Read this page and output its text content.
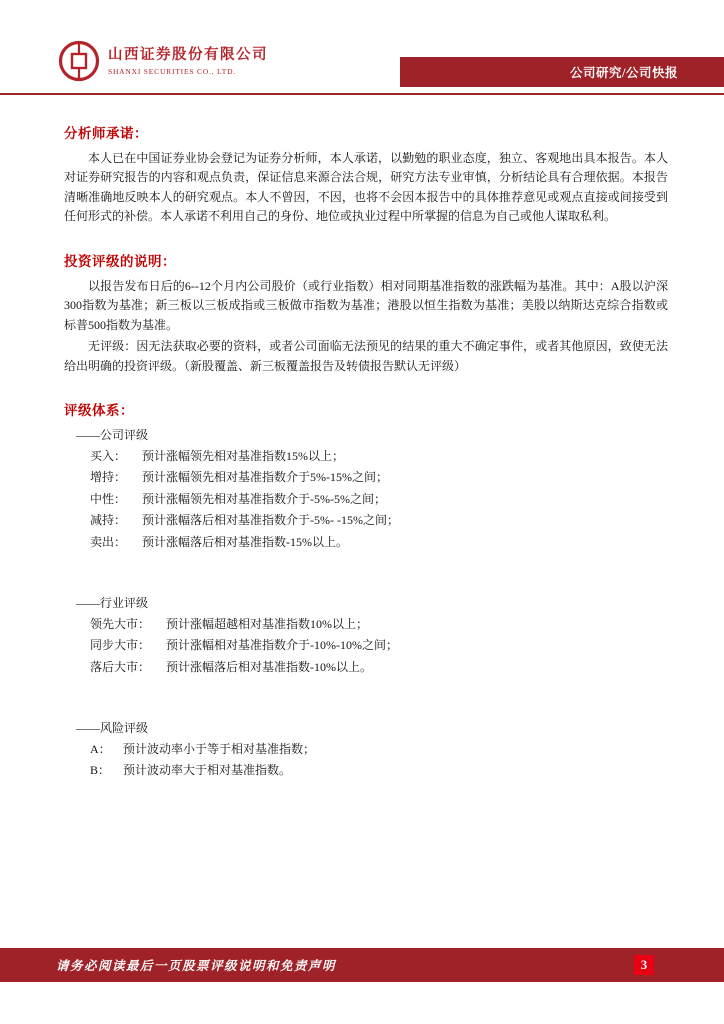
山西证券股份有限公司
SHANXI SECURITIES CO., LTD.	公司研究/公司快报
分析师承诺：

本人已在中国证券业协会登记为证券分析师，本人承诺，以勤勉的职业态度，独立、客观地出具本报告。本人对证券研究报告的内容和观点负责，保证信息来源合法合规，研究方法专业审慎，分析结论具有合理依据。本报告清晰准确地反映本人的研究观点。本人不曾因，不因，也将不会因本报告中的具体推荐意见或观点直接或间接受到任何形式的补偿。本人承诺不利用自己的身份、地位或执业过程中所掌握的信息为自己或他人谋取私利。

投资评级的说明：

以报告发布日后的6--12个月内公司股价（或行业指数）相对同期基准指数的涨跌幅为基准。其中：A股以沪深300指数为基准；新三板以三板成指或三板做市指数为基准；港股以恒生指数为基准；美股以纳斯达克综合指数或标普500指数为基准。

无评级：因无法获取必要的资料，或者公司面临无法预见的结果的重大不确定事件，或者其他原因，致使无法给出明确的投资评级。（新股覆盖、新三板覆盖报告及转债报告默认无评级）

评级体系：
——公司评级
买入：	预计涨幅领先相对基准指数15%以上；
增持：	预计涨幅领先相对基准指数介于5%-15%之间；
中性：	预计涨幅领先相对基准指数介于-5%-5%之间；
减持：	预计涨幅落后相对基准指数介于-5%- -15%之间；
卖出：	预计涨幅落后相对基准指数-15%以上。
——行业评级
领先大市：	预计涨幅超越相对基准指数10%以上；
同步大市：	预计涨幅相对基准指数介于-10%-10%之间；
落后大市：	预计涨幅落后相对基准指数-10%以上。
——风险评级
A：	预计波动率小于等于相对基准指数；
B：	预计波动率大于相对基准指数。
请务必阅读最后一页股票评级说明和免责声明	3
